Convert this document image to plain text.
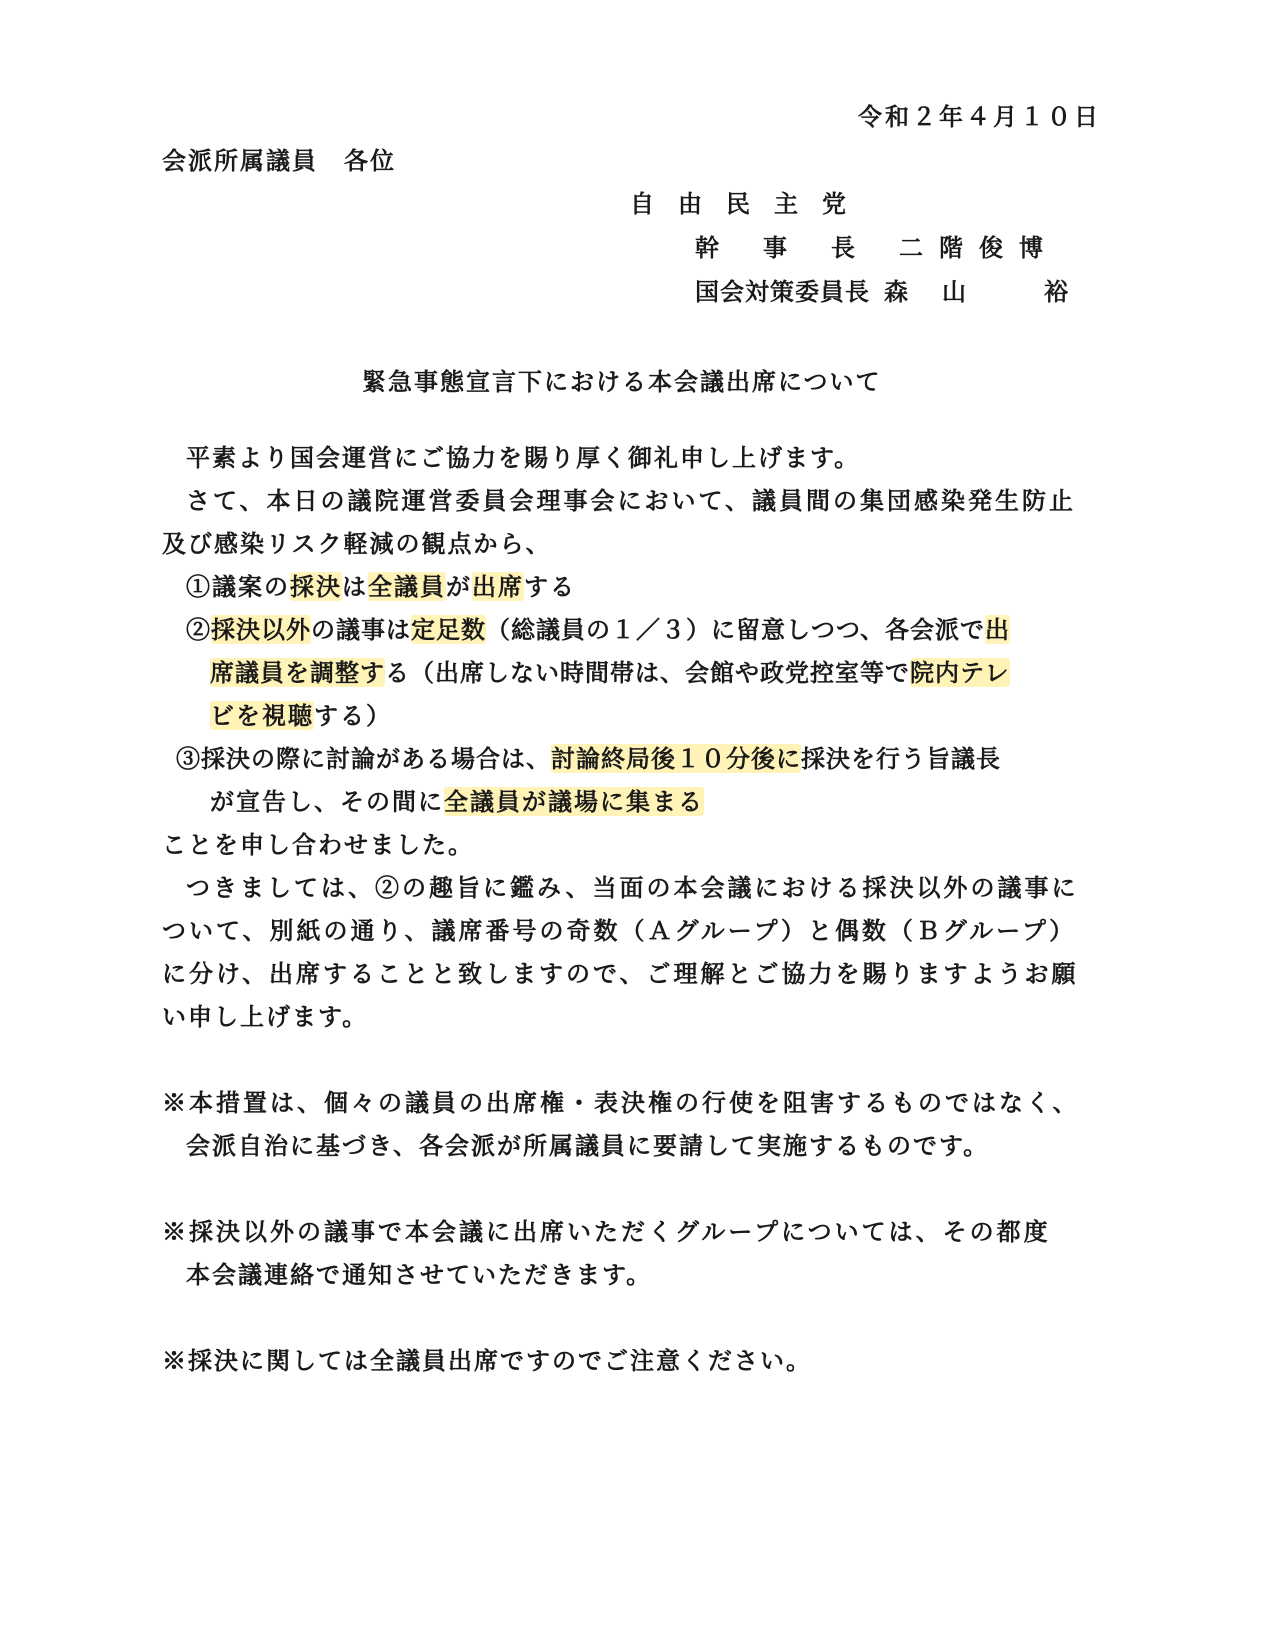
令和２年４月１０日
会派所属議員　各位
自由民主党
幹事長二階俊博
国会対策委員長 森山 裕
緊急事態宣言下における本会議出席について
平素より国会運営にご協力を賜り厚く御礼申し上げます。
さて、本日の議院運営委員会理事会において、議員間の集団感染発生防止
及び感染リスク軽減の観点から、
①議案の採決は全議員が出席する
②採決以外の議事は定足数（総議員の１／３）に留意しつつ、各会派で出
席議員を調整する（出席しない時間帯は、会館や政党控室等で院内テレ
ビを視聴する）
③採決の際に討論がある場合は、討論終局後１０分後に採決を行う旨議長
が宣告し、その間に全議員が議場に集まる
ことを申し合わせました。
つきましては、②の趣旨に鑑み、当面の本会議における採決以外の議事に
ついて、別紙の通り、議席番号の奇数（Ａグループ）と偶数（Ｂグループ）
に分け、出席することと致しますので、ご理解とご協力を賜りますようお願
い申し上げます。
※本措置は、個々の議員の出席権・表決権の行使を阻害するものではなく、
会派自治に基づき、各会派が所属議員に要請して実施するものです。
※採決以外の議事で本会議に出席いただくグループについては、その都度
本会議連絡で通知させていただきます。
※採決に関しては全議員出席ですのでご注意ください。
